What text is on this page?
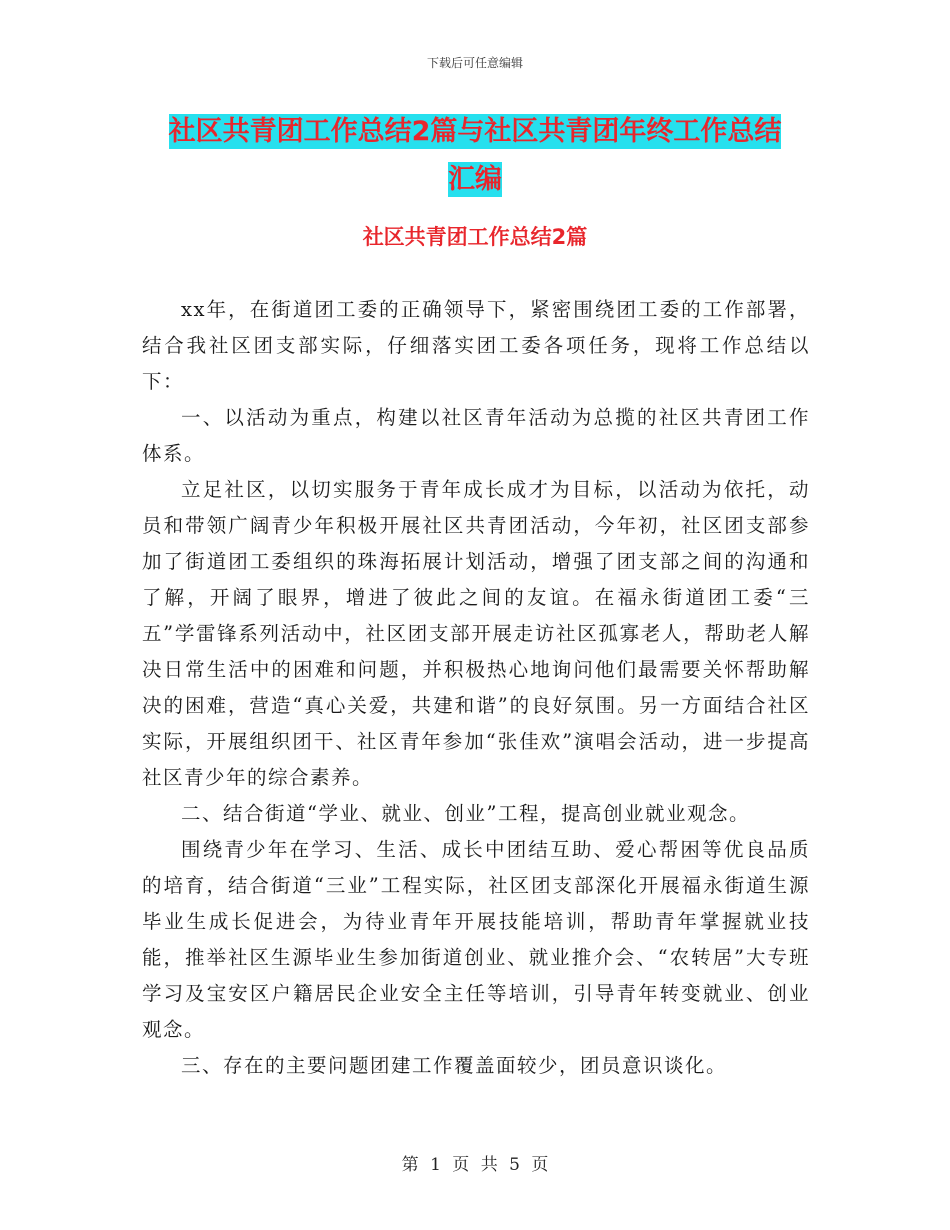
下载后可任意编辑
社区共青团工作总结2篇与社区共青团年终工作总结
汇编
社区共青团工作总结2篇

xx年，在街道团工委的正确领导下，紧密围绕团工委的工作部署，结合我社区团支部实际，仔细落实团工委各项任务，现将工作总结以下：

一、以活动为重点，构建以社区青年活动为总揽的社区共青团工作体系。

立足社区，以切实服务于青年成长成才为目标，以活动为依托，动员和带领广阔青少年积极开展社区共青团活动，今年初，社区团支部参加了街道团工委组织的珠海拓展计划活动，增强了团支部之间的沟通和了解，开阔了眼界，增进了彼此之间的友谊。在福永街道团工委“三五”学雷锋系列活动中，社区团支部开展走访社区孤寡老人，帮助老人解决日常生活中的困难和问题，并积极热心地询问他们最需要关怀帮助解决的困难，营造“真心关爱，共建和谐”的良好氛围。另一方面结合社区实际，开展组织团干、社区青年参加“张佳欢”演唱会活动，进一步提高社区青少年的综合素养。

二、结合街道“学业、就业、创业”工程，提高创业就业观念。

围绕青少年在学习、生活、成长中团结互助、爱心帮困等优良品质的培育，结合街道“三业”工程实际，社区团支部深化开展福永街道生源毕业生成长促进会，为待业青年开展技能培训，帮助青年掌握就业技能，推举社区生源毕业生参加街道创业、就业推介会、“农转居”大专班学习及宝安区户籍居民企业安全主任等培训，引导青年转变就业、创业观念。

三、存在的主要问题团建工作覆盖面较少，团员意识谈化。

第 1 页 共 5 页
